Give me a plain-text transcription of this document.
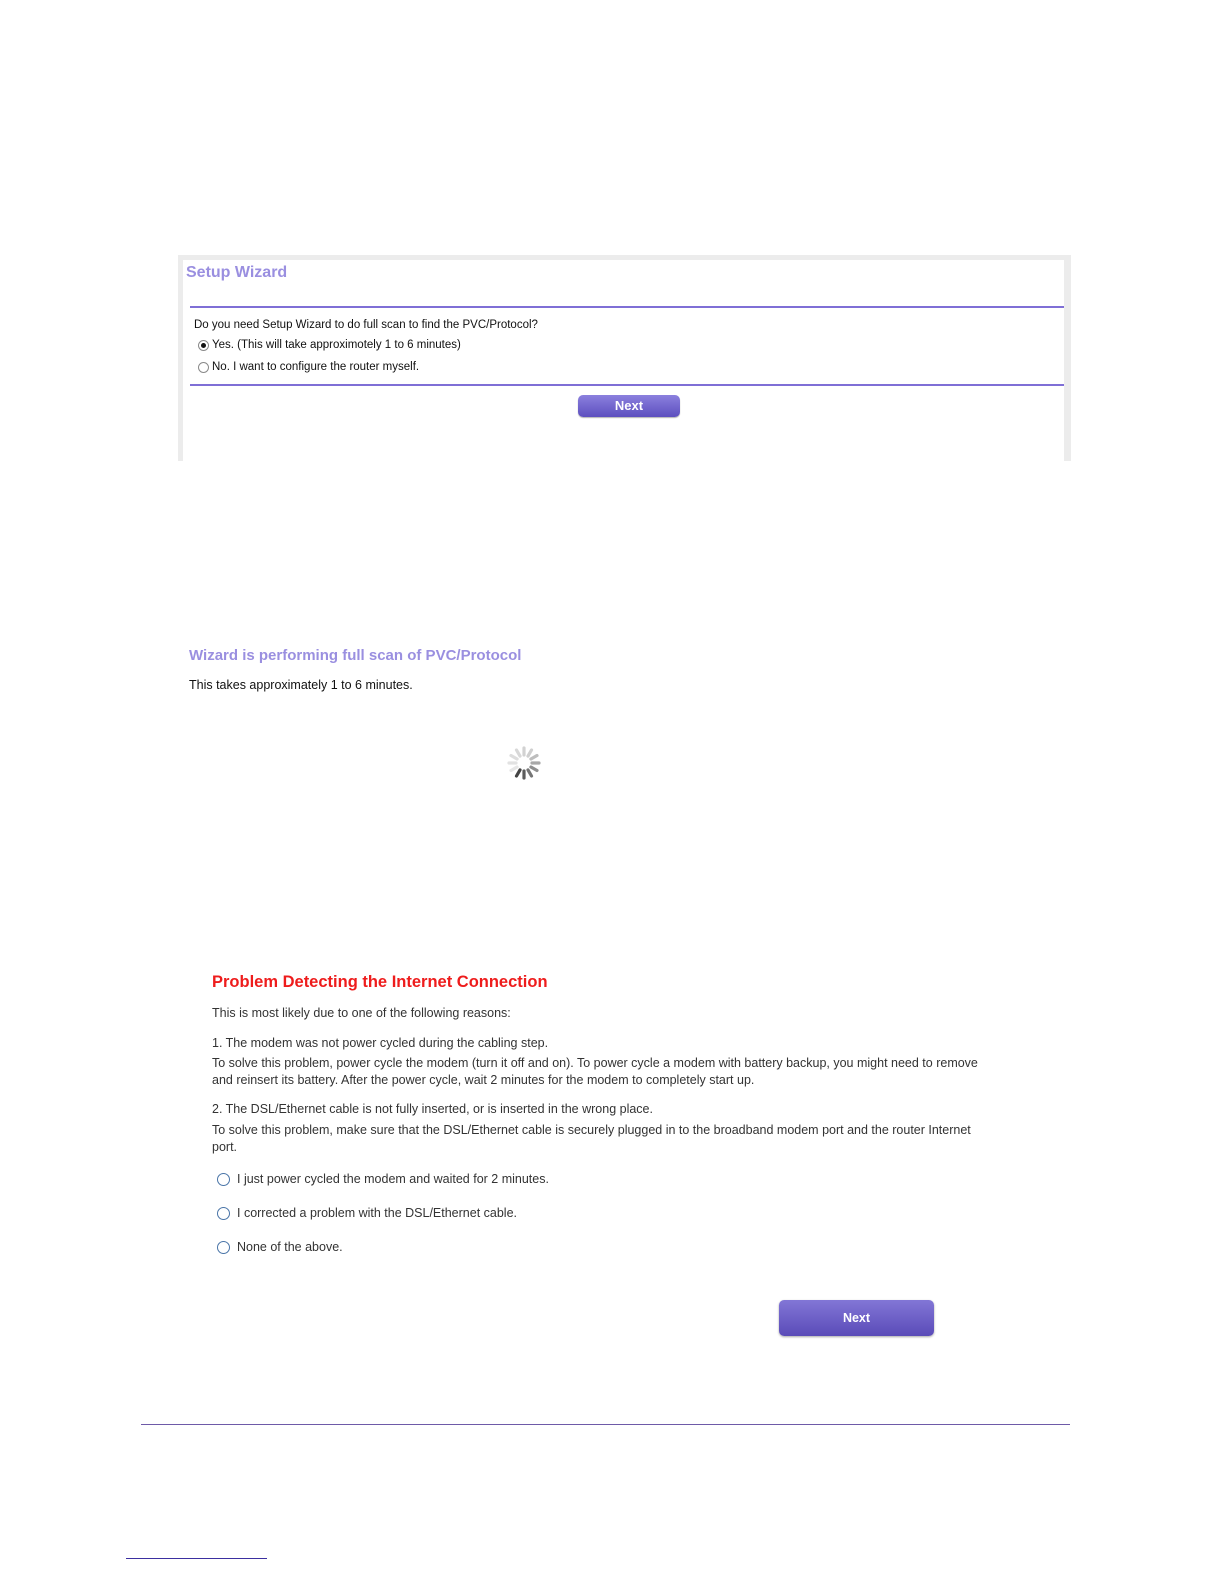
Setup Wizard
Do you need Setup Wizard to do full scan to find the PVC/Protocol?
Yes. (This will take approximotely 1 to 6 minutes)
No. I want to configure the router myself.
Next
Wizard is performing full scan of PVC/Protocol
This takes approximately 1 to 6 minutes.
Problem Detecting the Internet Connection
This is most likely due to one of the following reasons:
1. The modem was not power cycled during the cabling step.
To solve this problem, power cycle the modem (turn it off and on). To power cycle a modem with battery backup, you might need to remove
and reinsert its battery. After the power cycle, wait 2 minutes for the modem to completely start up.
2. The DSL/Ethernet cable is not fully inserted, or is inserted in the wrong place.
To solve this problem, make sure that the DSL/Ethernet cable is securely plugged in to the broadband modem port and the router Internet
port.
I just power cycled the modem and waited for 2 minutes.
I corrected a problem with the DSL/Ethernet cable.
None of the above.
Next
